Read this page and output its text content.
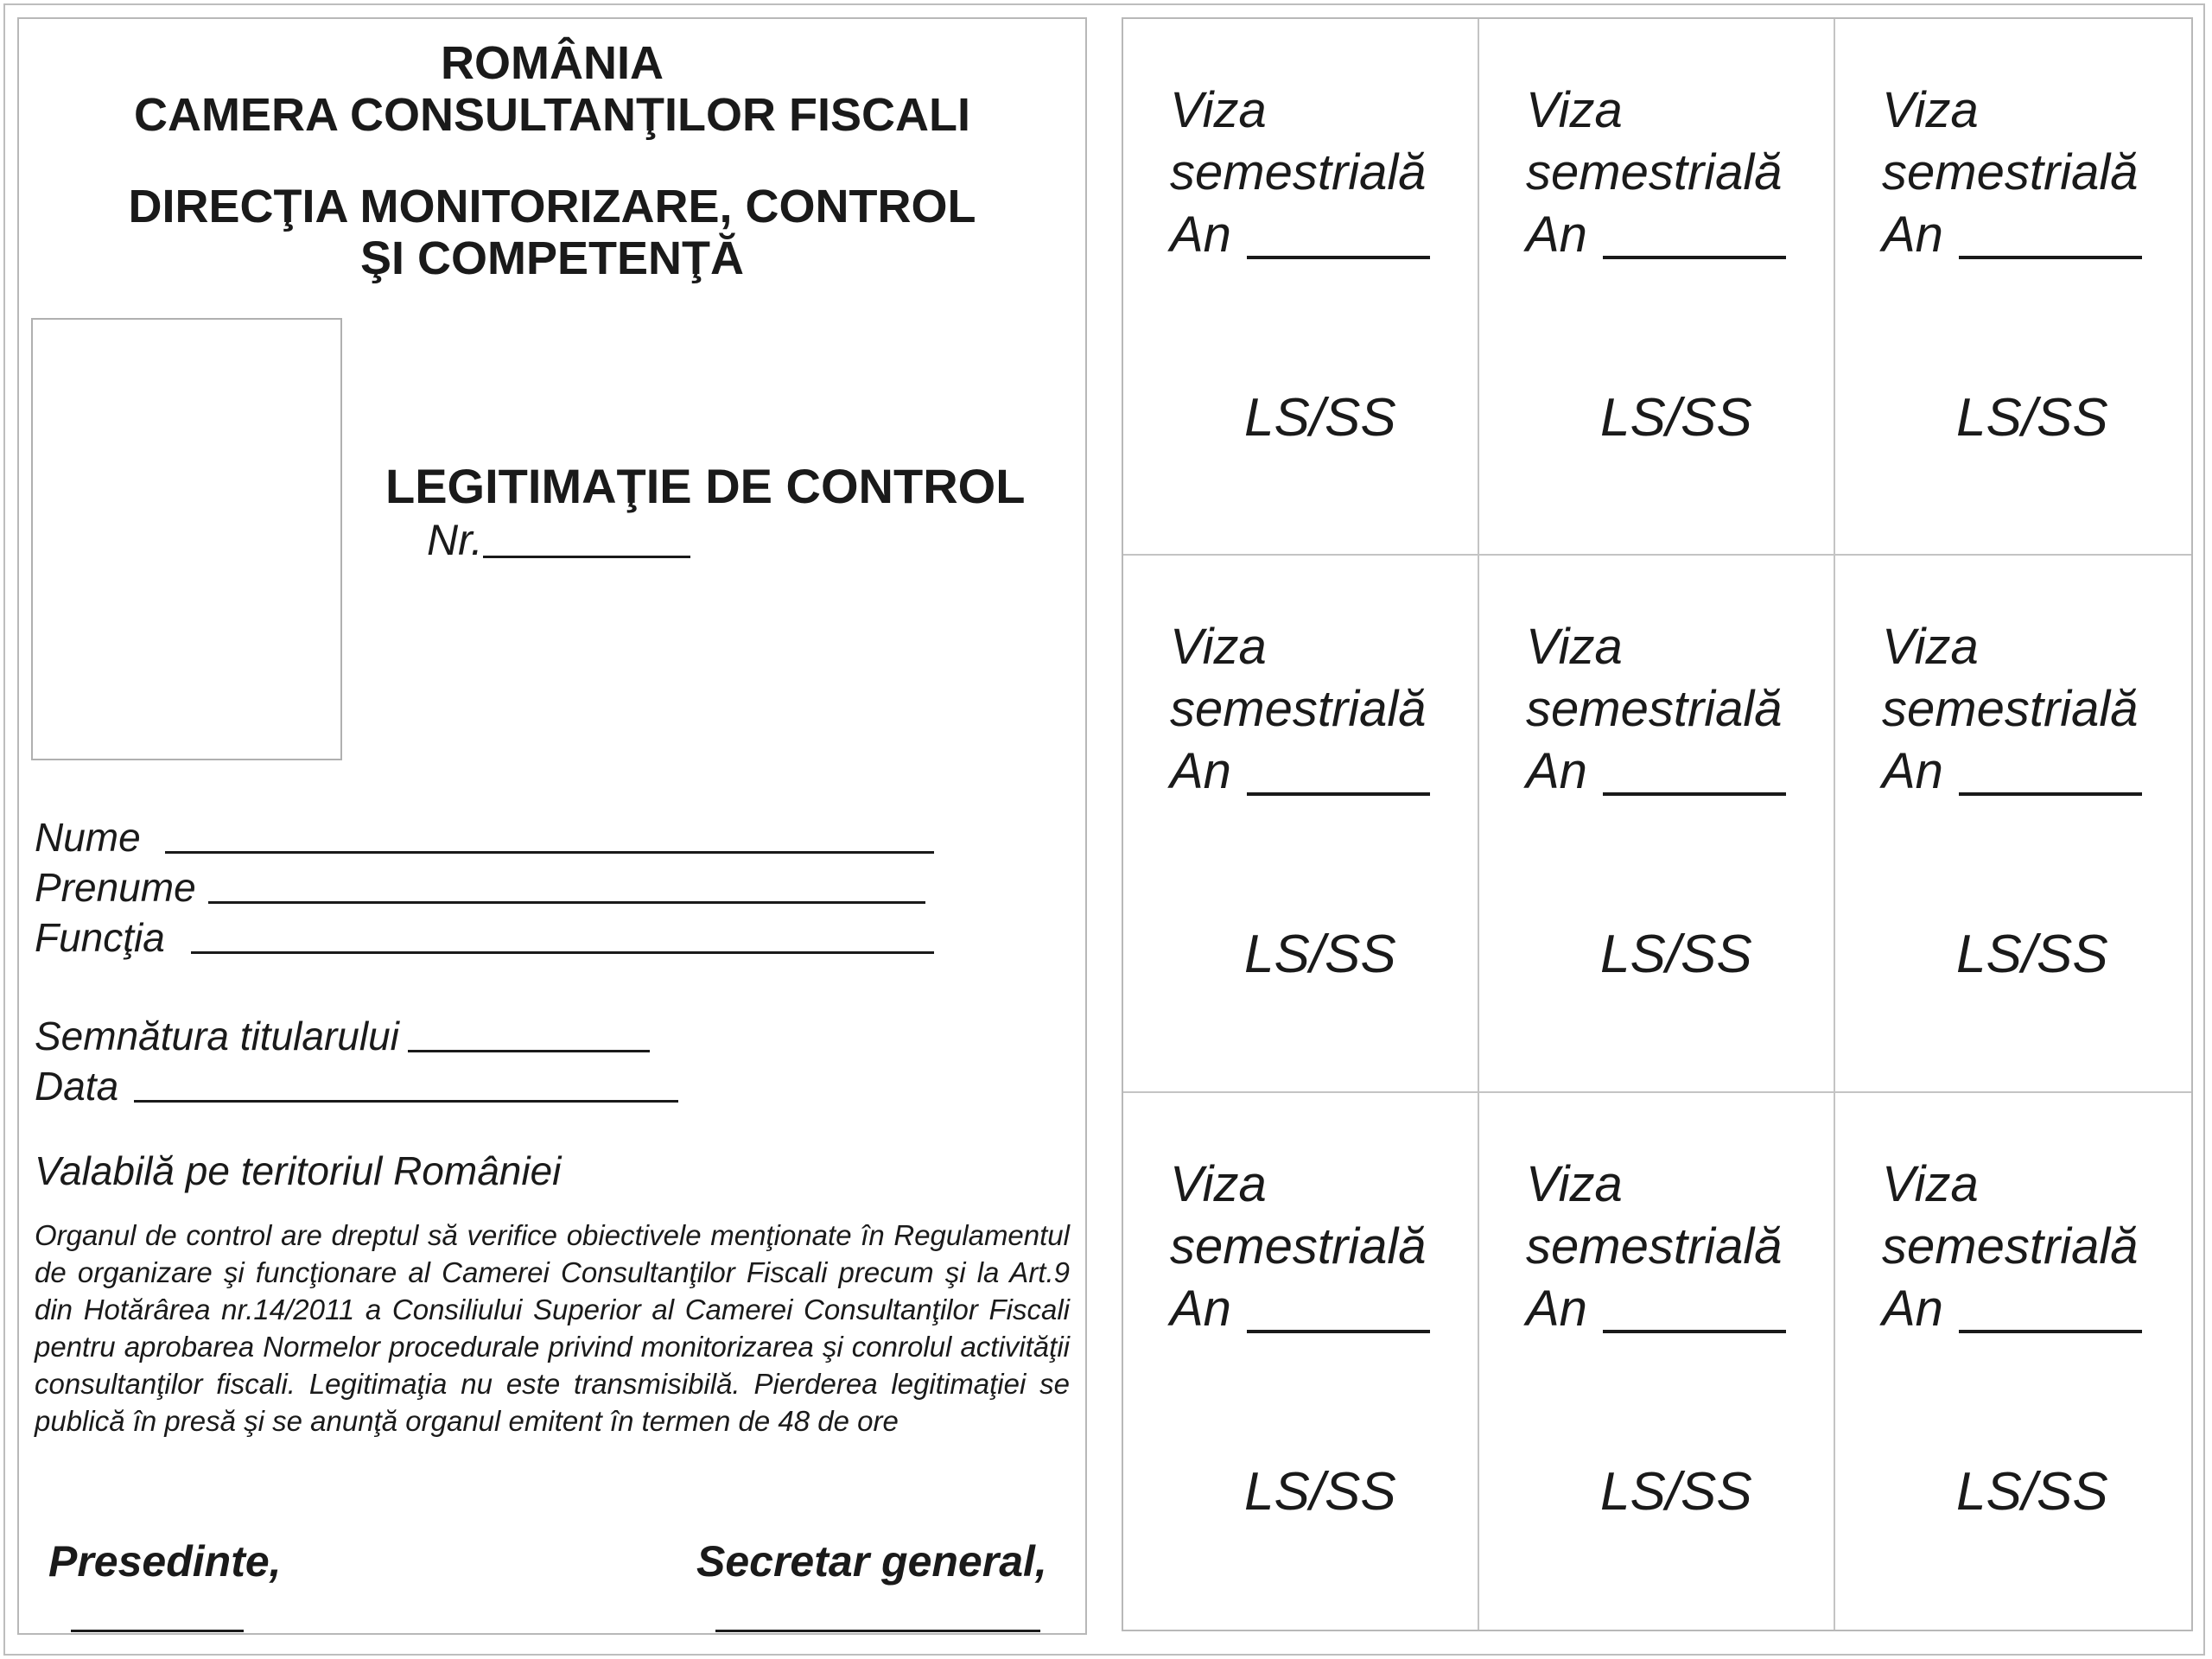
ROMÂNIA
CAMERA CONSULTANŢILOR FISCALI
DIRECŢIA MONITORIZARE, CONTROL
ŞI COMPETENŢĂ
LEGITIMAŢIE DE CONTROL
Nr.
Nume
Prenume
Funcţia
Semnătura titularului
Data
Valabilă pe teritoriul României
Organul de control are dreptul să verifice obiectivele menţionate în Regulamentul de organizare şi funcţionare al Camerei Consultanţilor Fiscali precum şi la Art.9 din Hotărârea nr.14/2011 a Consiliului Superior al Camerei Consultanţilor Fiscali pentru aprobarea Normelor procedurale privind monitorizarea şi conrolul activităţii consultanţilor fiscali. Legitimaţia nu este transmisibilă. Pierderea legitimaţiei se publică în presă şi se anunţă organul emitent în termen de 48 de ore
Presedinte,	Secretar general,
Viza
semestrială
An
LS/SS
Viza
semestrială
An
LS/SS
Viza
semestrială
An
LS/SS
Viza
semestrială
An
LS/SS
Viza
semestrială
An
LS/SS
Viza
semestrială
An
LS/SS
Viza
semestrială
An
LS/SS
Viza
semestrială
An
LS/SS
Viza
semestrială
An
LS/SS
